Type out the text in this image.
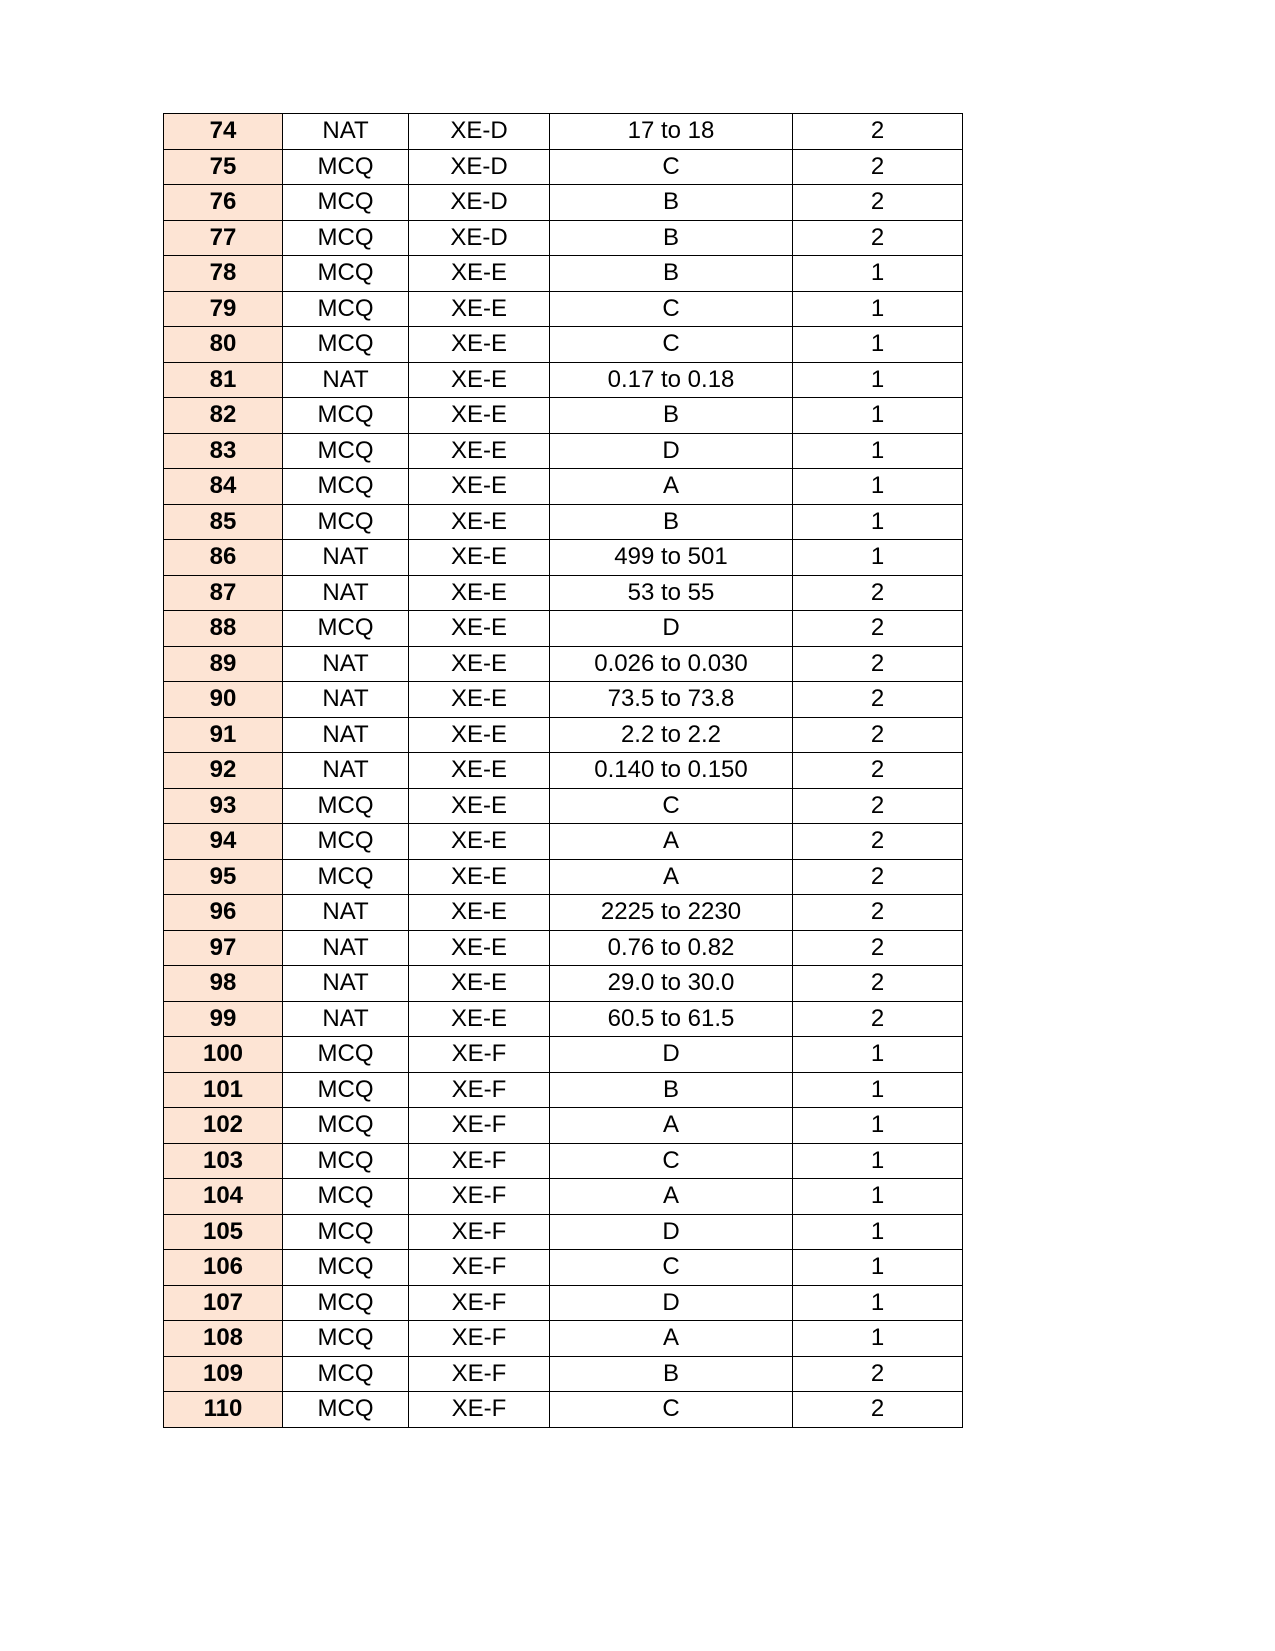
74	NAT	XE-D	17 to 18	2
75	MCQ	XE-D	C	2
76	MCQ	XE-D	B	2
77	MCQ	XE-D	B	2
78	MCQ	XE-E	B	1
79	MCQ	XE-E	C	1
80	MCQ	XE-E	C	1
81	NAT	XE-E	0.17 to 0.18	1
82	MCQ	XE-E	B	1
83	MCQ	XE-E	D	1
84	MCQ	XE-E	A	1
85	MCQ	XE-E	B	1
86	NAT	XE-E	499 to 501	1
87	NAT	XE-E	53 to 55	2
88	MCQ	XE-E	D	2
89	NAT	XE-E	0.026 to 0.030	2
90	NAT	XE-E	73.5 to 73.8	2
91	NAT	XE-E	2.2 to 2.2	2
92	NAT	XE-E	0.140 to 0.150	2
93	MCQ	XE-E	C	2
94	MCQ	XE-E	A	2
95	MCQ	XE-E	A	2
96	NAT	XE-E	2225 to 2230	2
97	NAT	XE-E	0.76 to 0.82	2
98	NAT	XE-E	29.0 to 30.0	2
99	NAT	XE-E	60.5 to 61.5	2
100	MCQ	XE-F	D	1
101	MCQ	XE-F	B	1
102	MCQ	XE-F	A	1
103	MCQ	XE-F	C	1
104	MCQ	XE-F	A	1
105	MCQ	XE-F	D	1
106	MCQ	XE-F	C	1
107	MCQ	XE-F	D	1
108	MCQ	XE-F	A	1
109	MCQ	XE-F	B	2
110	MCQ	XE-F	C	2
